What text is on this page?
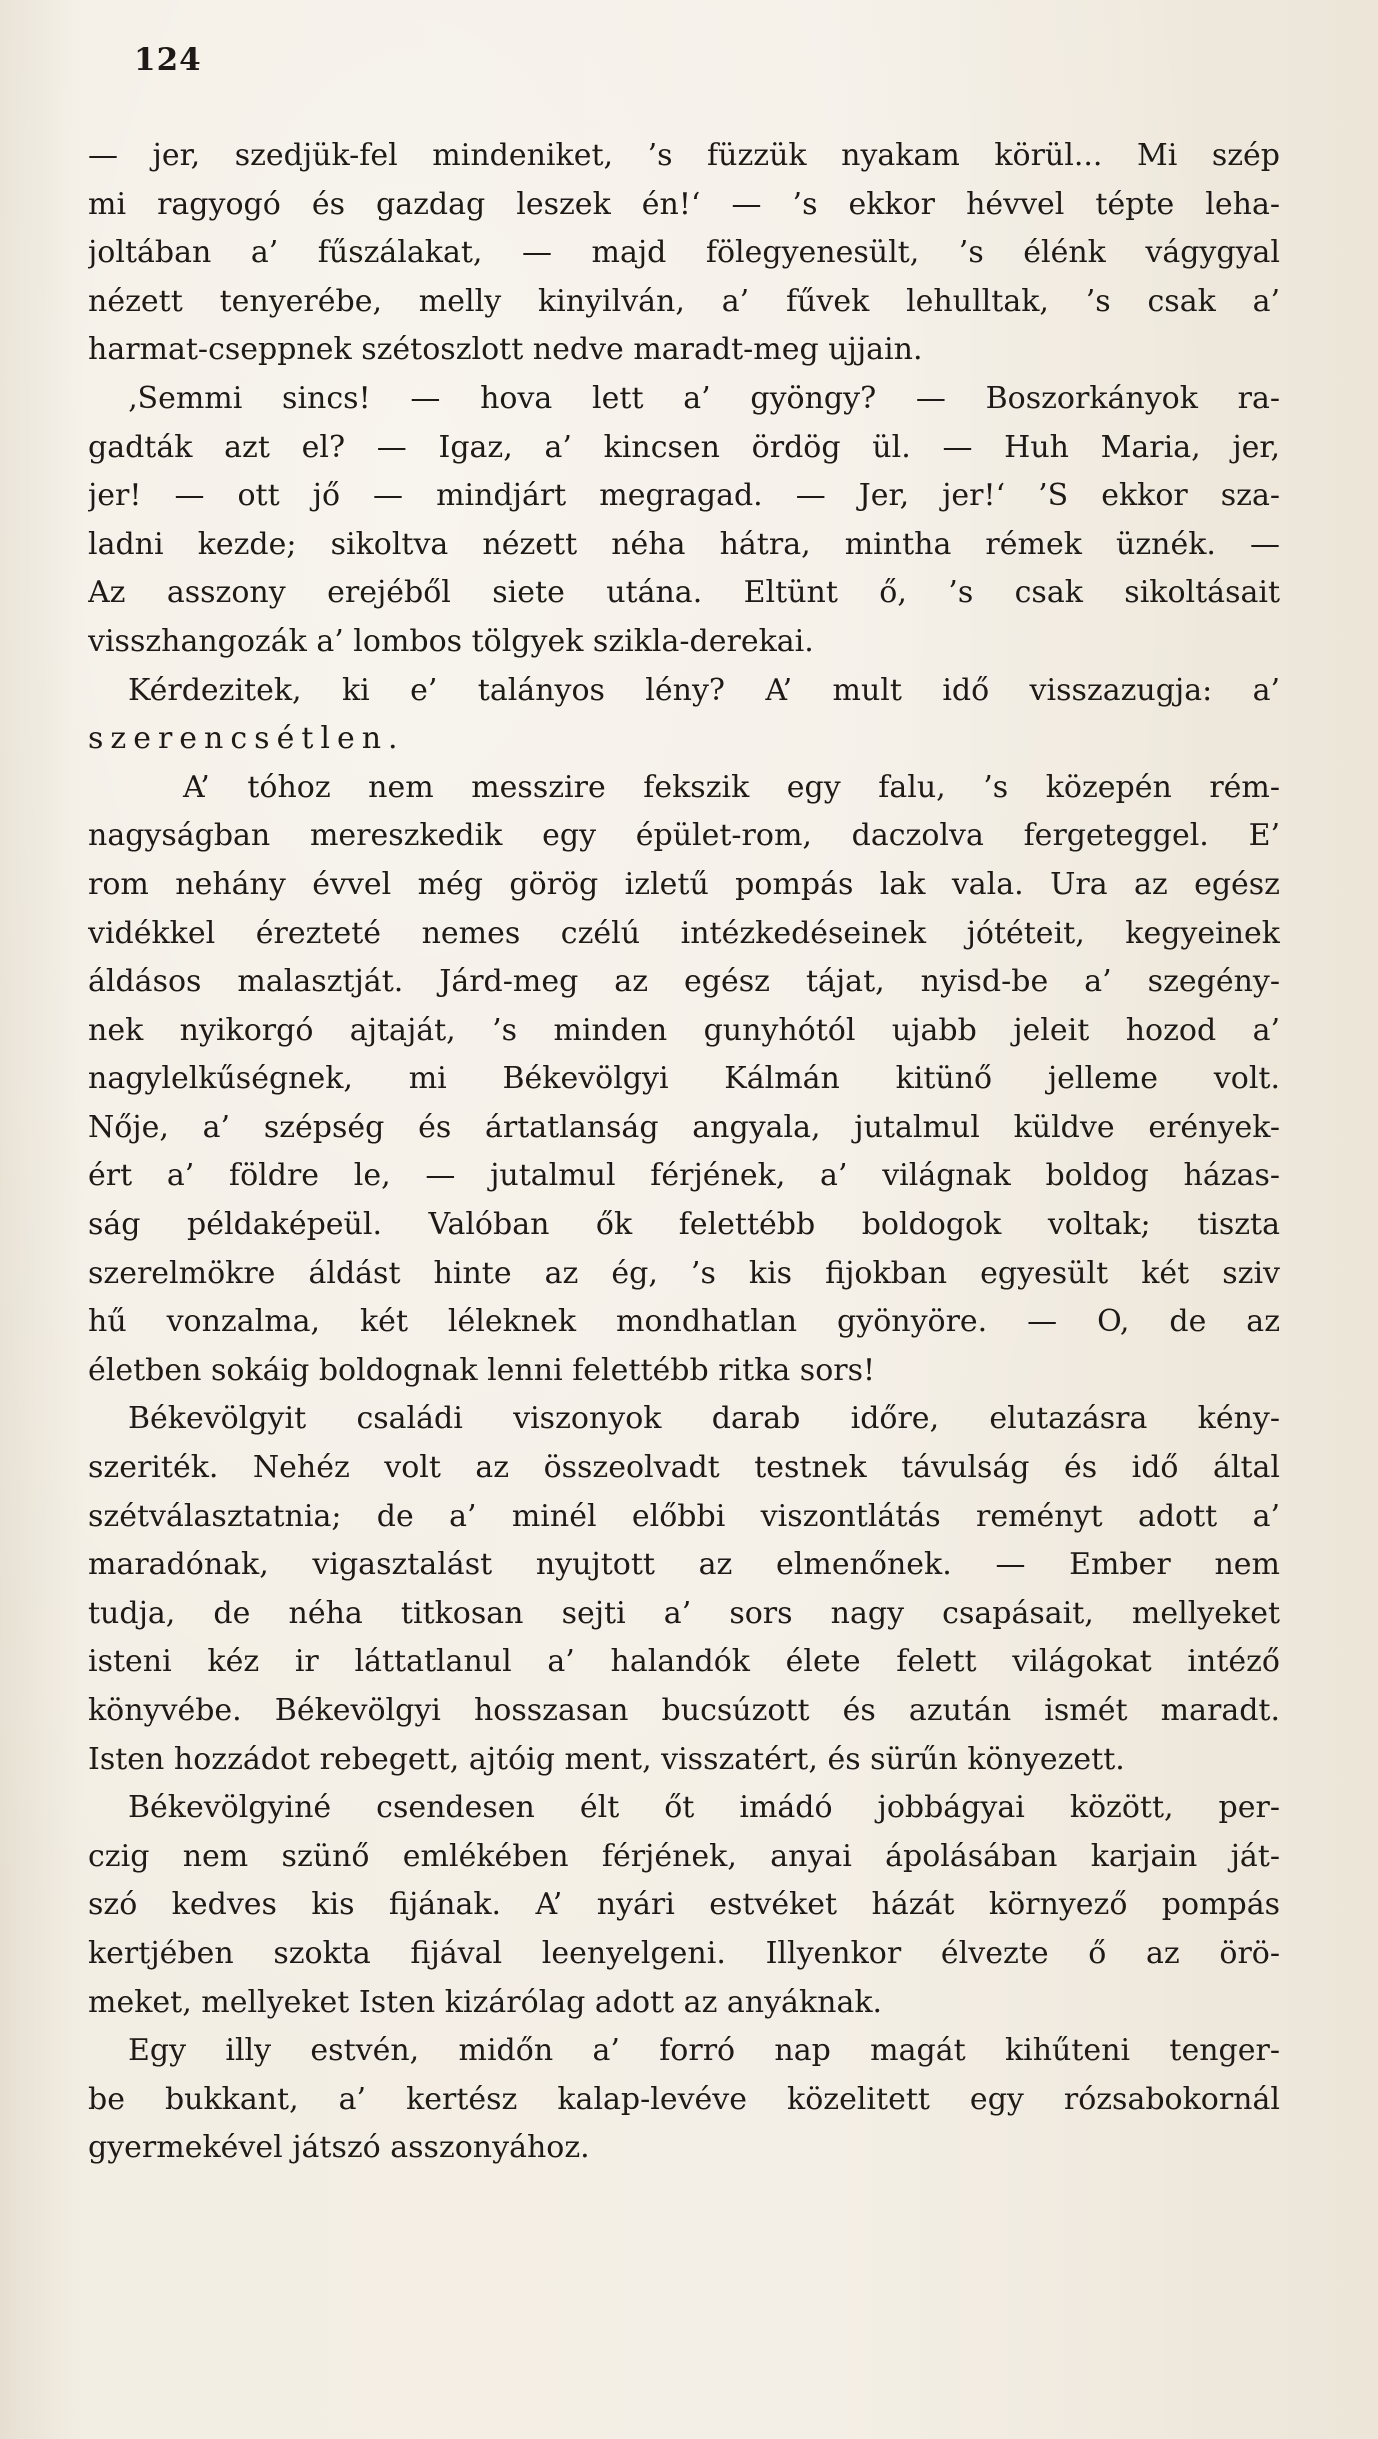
124
— jer, szedjük-fel mindeniket, ’s füzzük nyakam körül... Mi szép
mi ragyogó és gazdag leszek én!‘ — ’s ekkor hévvel tépte leha-
joltában a’ fűszálakat, — majd fölegyenesült, ’s élénk vágygyal
nézett tenyerébe, melly kinyilván, a’ fűvek lehulltak, ’s csak a’
harmat-cseppnek szétoszlott nedve maradt-meg ujjain.
‚Semmi sincs! — hova lett a’ gyöngy? — Boszorkányok ra-
gadták azt el? — Igaz, a’ kincsen ördög ül. — Huh Maria, jer,
jer! — ott jő — mindjárt megragad. — Jer, jer!‘ ’S ekkor sza-
ladni kezde; sikoltva nézett néha hátra, mintha rémek üznék. —
Az asszony erejéből siete utána. Eltünt ő, ’s csak sikoltásait
visszhangozák a’ lombos tölgyek szikla-derekai.
Kérdezitek, ki e’ talányos lény? A’ mult idő visszazugja: a’
szerencsétlen.
A’ tóhoz nem messzire fekszik egy falu, ’s közepén rém-
nagyságban mereszkedik egy épület-rom, daczolva fergeteggel. E’
rom nehány évvel még görög izletű pompás lak vala. Ura az egész
vidékkel érezteté nemes czélú intézkedéseinek jótéteit, kegyeinek
áldásos malasztját. Járd-meg az egész tájat, nyisd-be a’ szegény-
nek nyikorgó ajtaját, ’s minden gunyhótól ujabb jeleit hozod a’
nagylelkűségnek, mi Békevölgyi Kálmán kitünő jelleme volt.
Nője, a’ szépség és ártatlanság angyala, jutalmul küldve erények-
ért a’ földre le, — jutalmul férjének, a’ világnak boldog házas-
ság példaképeül. Valóban ők felettébb boldogok voltak; tiszta
szerelmökre áldást hinte az ég, ’s kis fijokban egyesült két sziv
hű vonzalma, két léleknek mondhatlan gyönyöre. — O, de az
életben sokáig boldognak lenni felettébb ritka sors!
Békevölgyit családi viszonyok darab időre, elutazásra kény-
szeriték. Nehéz volt az összeolvadt testnek távulság és idő által
szétválasztatnia; de a’ minél előbbi viszontlátás reményt adott a’
maradónak, vigasztalást nyujtott az elmenőnek. — Ember nem
tudja, de néha titkosan sejti a’ sors nagy csapásait, mellyeket
isteni kéz ir láttatlanul a’ halandók élete felett világokat intéző
könyvébe. Békevölgyi hosszasan bucsúzott és azután ismét maradt.
Isten hozzádot rebegett, ajtóig ment, visszatért, és sürűn könyezett.
Békevölgyiné csendesen élt őt imádó jobbágyai között, per-
czig nem szünő emlékében férjének, anyai ápolásában karjain ját-
szó kedves kis fijának. A’ nyári estvéket házát környező pompás
kertjében szokta fijával leenyelgeni. Illyenkor élvezte ő az örö-
meket, mellyeket Isten kizárólag adott az anyáknak.
Egy illy estvén, midőn a’ forró nap magát kihűteni tenger-
be bukkant, a’ kertész kalap-levéve közelitett egy rózsabokornál
gyermekével játszó asszonyához.
